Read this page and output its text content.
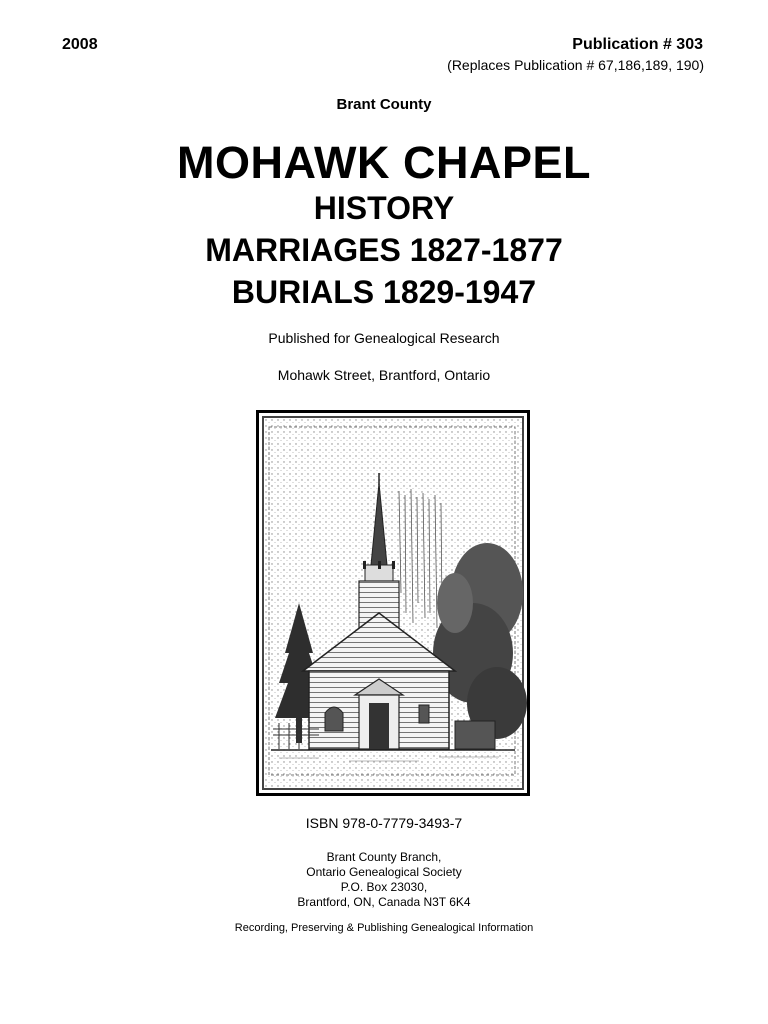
2008	Publication # 303
(Replaces Publication # 67,186,189, 190)
Brant County
MOHAWK CHAPEL
HISTORY
MARRIAGES 1827-1877
BURIALS 1829-1947
Published for Genealogical Research
Mohawk Street, Brantford, Ontario
ISBN 978-0-7779-3493-7
Brant County Branch,
Ontario Genealogical Society
P.O. Box 23030,
Brantford, ON, Canada N3T 6K4
Recording, Preserving & Publishing Genealogical Information
